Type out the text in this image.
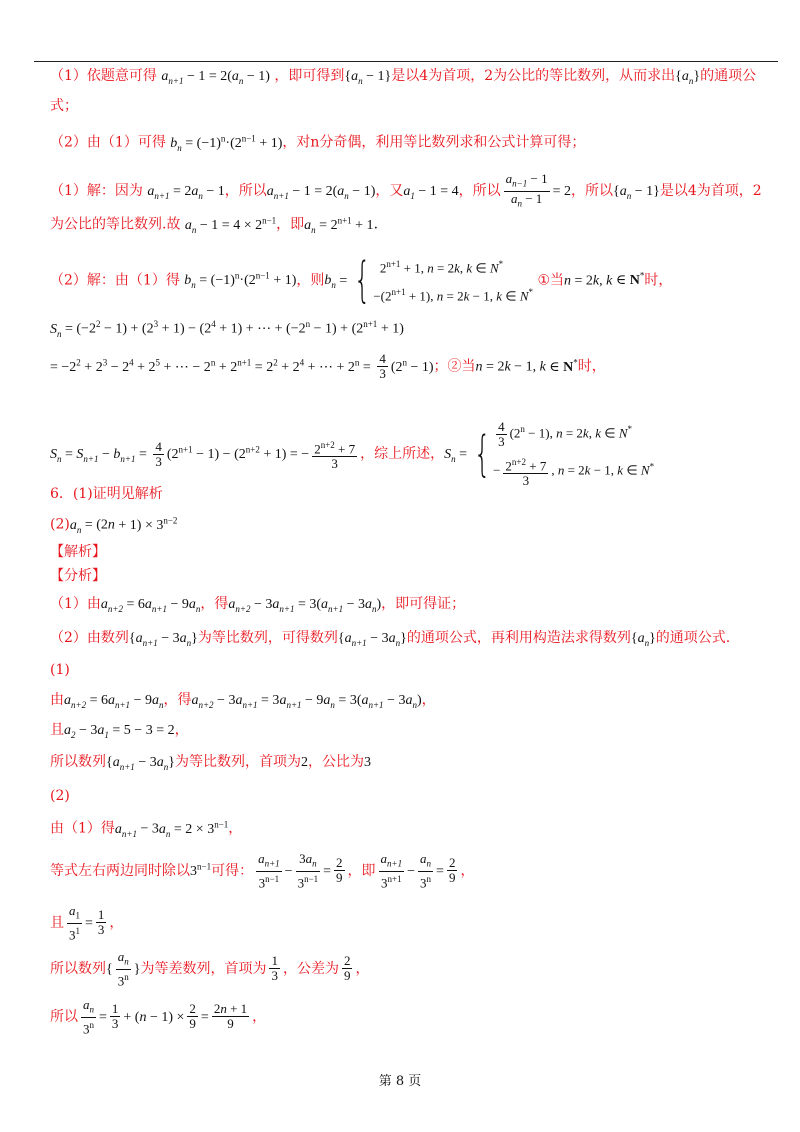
（1）依题意可得 $a_{n+1} - 1 = 2(a_n - 1)$ ，即可得到$\{a_n - 1\}$是以4为首项，2为公比的等比数列，从而求出$\{a_n\}$的通项公
式；
（2）由（1）可得 $b_n = (-1)^n\cdot(2^{n-1} + 1)$，对n分奇偶，利用等比数列求和公式计算可得；
（1）解：因为 $a_{n+1} = 2a_n - 1$，所以$a_{n+1} - 1 = 2(a_n - 1)$，又$a_1 - 1 = 4$，所以 $\frac{a_{n-1} - 1}{a_n - 1} = 2$，所以$\{a_n - 1\}$是以4为首项，2
为公比的等比数列.故 $a_n - 1 = 4 \times 2^{n-1}$，即$a_n = 2^{n+1} + 1$.
（2）解：由（1）得 $b_n = (-1)^n\cdot(2^{n-1} + 1)$，则$b_n$ = { $2^{n+1} + 1$, n = 2k, k ∈ N*
$-(2^{n+1} + 1)$, n = 2k − 1, k ∈ N*
①当n = 2k, k ∈ N*时，
$S_n = (-2^2 - 1) + (2^3 + 1) - (2^4 + 1)$ + ⋯ + $(-2^n - 1) + (2^{n+1} + 1)$
= $-2^2 + 2^3 - 2^4 + 2^5$ + ⋯ − $2^n + 2^{n+1} = 2^2 + 2^4$ + ⋯ + $2^n = \frac{4}{3} (2^n - 1)$；②当n = 2k − 1, k ∈ N*时，
$S_n = S_{n+1} - b_{n+1} = \frac{4}{3} (2^{n+1} - 1) - (2^{n+2} + 1)$ = − $\frac{2^{n+2} + 7}{3}$ ，综上所述，$S_n$ = { $\frac{4}{3} (2^n - 1)$, n = 2k, k ∈ N*
− $\frac{2^{n+2} + 7}{3}$ , n = 2k − 1, k ∈ N*
6．(1)证明见解析
$(2)a_n = (2n + 1) \times 3^{n-2}$
【解析】
【分析】
（1）由$a_{n+2} = 6a_{n+1} - 9a_n$，得$a_{n+2} - 3a_{n+1} = 3(a_{n+1} - 3a_n)$，即可得证；
（2）由数列$\{a_{n+1} - 3a_n\}$为等比数列，可得数列$\{a_{n+1} - 3a_n\}$的通项公式，再利用构造法求得数列$\{a_n\}$的通项公式.
(1)
由$a_{n+2} = 6a_{n+1} - 9a_n$，得$a_{n+2} - 3a_{n+1} = 3a_{n+1} - 9a_n = 3(a_{n+1} - 3a_n)$，
且$a_2 - 3a_1 = 5 - 3 = 2$，
所以数列$\{a_{n+1} - 3a_n\}$为等比数列，首项为2，公比为3
(2)
由（1）得$a_{n+1} - 3a_n = 2 \times 3^{n-1}$，
等式左右两边同时除以$3^{n-1}$可得： $\frac{a_{n+1}}{3^{n-1}} - \frac{3a_n}{3^{n-1}} = \frac{2}{9}$ ，即 $\frac{a_{n+1}}{3^{n+1}} - \frac{a_n}{3^n} = \frac{2}{9}$ ，
且 $\frac{a_1}{3^1} = \frac{1}{3}$ ，
所以数列{ $\frac{a_n}{3^n}$ }为等差数列，首项为 $\frac{1}{3}$ ，公差为 $\frac{2}{9}$ ，
所以 $\frac{a_n}{3^n} = \frac{1}{3} + (n - 1) \times \frac{2}{9} = \frac{2n + 1}{9}$ ，
第 8 页
